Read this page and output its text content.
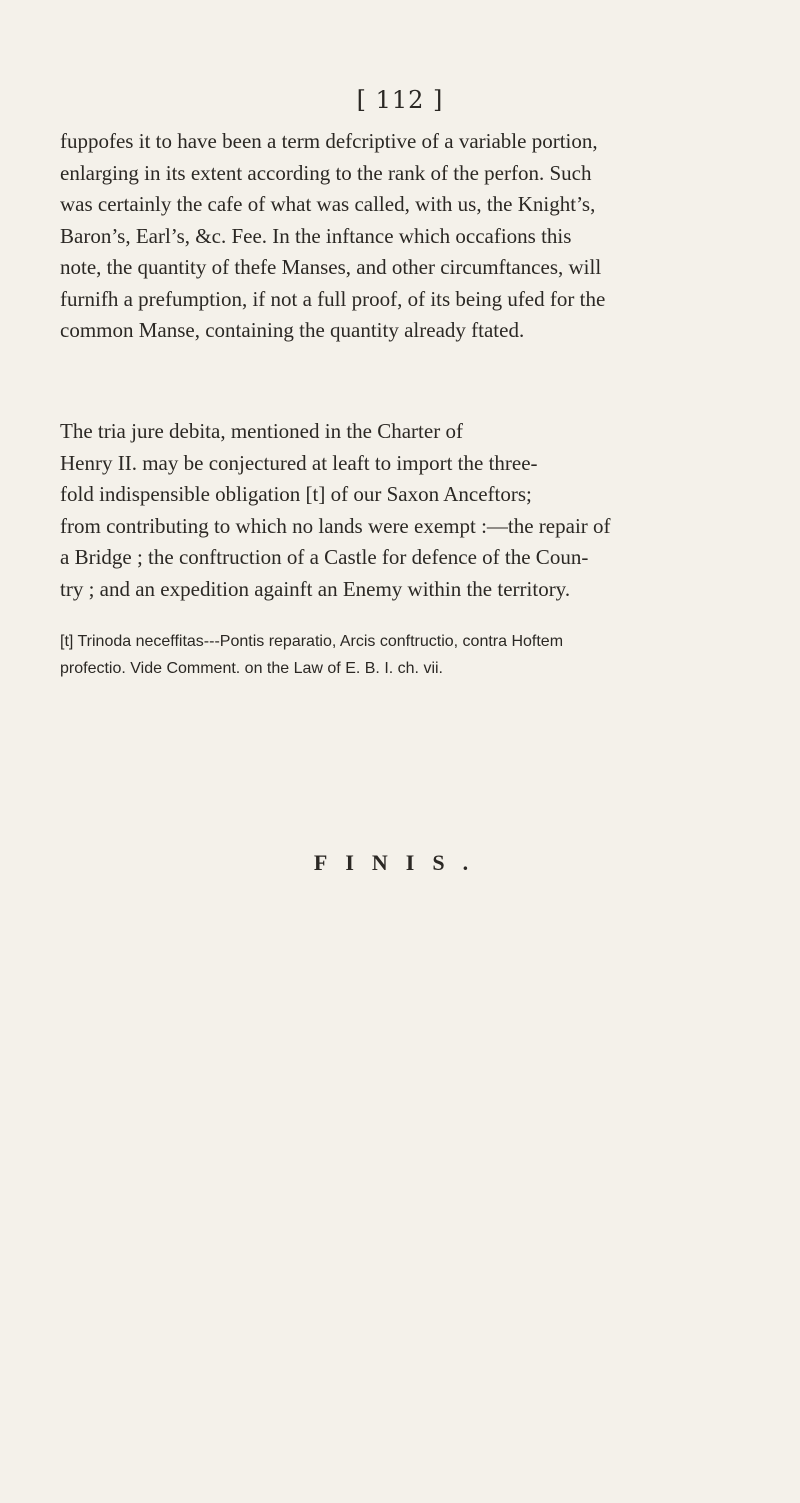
[ 112 ]
fuppofes it to have been a term defcriptive of a variable portion,
enlarging in its extent according to the rank of the perfon. Such
was certainly the cafe of what was called, with us, the Knight’s,
Baron’s, Earl’s, &c. Fee. In the inftance which occafions this
note, the quantity of thefe Manses, and other circumftances, will
furnifh a prefumption, if not a full proof, of its being ufed for the
common Manse, containing the quantity already ftated.
The tria jure debita, mentioned in the Charter of
Henry II. may be conjectured at leaft to import the three-
fold indispensible obligation [t] of our Saxon Anceftors;
from contributing to which no lands were exempt :—the repair of
a Bridge ; the conftruction of a Castle for defence of the Coun-
try ; and an expedition againft an Enemy within the territory.
[t] Trinoda neceffitas---Pontis reparatio, Arcis conftructio, contra Hoftem
profectio. Vide Comment. on the Law of E. B. I. ch. vii.
FINIS.
